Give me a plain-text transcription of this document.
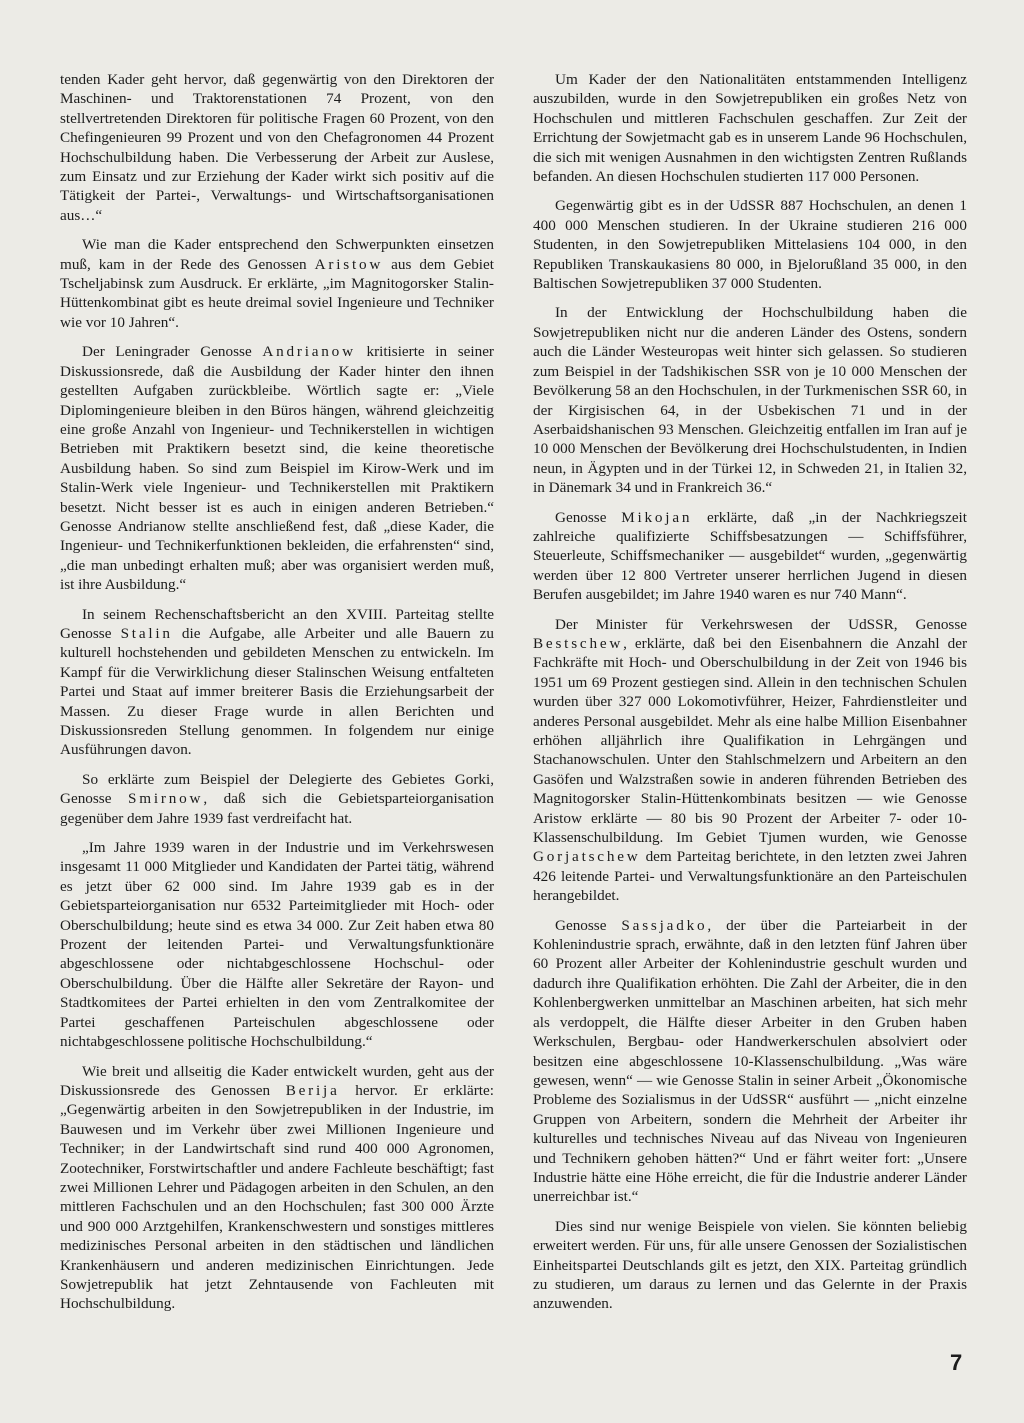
tenden Kader geht hervor, daß gegenwärtig von den Direktoren der Maschinen- und Traktorenstationen 74 Prozent, von den stellvertretenden Direktoren für politische Fragen 60 Prozent, von den Chefingenieuren 99 Prozent und von den Chefagronomen 44 Prozent Hochschulbildung haben. Die Verbesserung der Arbeit zur Auslese, zum Einsatz und zur Erziehung der Kader wirkt sich positiv auf die Tätigkeit der Partei-, Verwaltungs- und Wirtschaftsorganisationen aus…“

Wie man die Kader entsprechend den Schwerpunkten einsetzen muß, kam in der Rede des Genossen Aristow aus dem Gebiet Tscheljabinsk zum Ausdruck. Er erklärte, „im Magnitogorsker Stalin-Hüttenkombinat gibt es heute dreimal soviel Ingenieure und Techniker wie vor 10 Jahren“.

Der Leningrader Genosse Andrianow kritisierte in seiner Diskussionsrede, daß die Ausbildung der Kader hinter den ihnen gestellten Aufgaben zurückbleibe. Wörtlich sagte er: „Viele Diplomingenieure bleiben in den Büros hängen, während gleichzeitig eine große Anzahl von Ingenieur- und Technikerstellen in wichtigen Betrieben mit Praktikern besetzt sind, die keine theoretische Ausbildung haben. So sind zum Beispiel im Kirow-Werk und im Stalin-Werk viele Ingenieur- und Technikerstellen mit Praktikern besetzt. Nicht besser ist es auch in einigen anderen Betrieben.“ Genosse Andrianow stellte anschließend fest, daß „diese Kader, die Ingenieur- und Technikerfunktionen bekleiden, die erfahrensten“ sind, „die man unbedingt erhalten muß; aber was organisiert werden muß, ist ihre Ausbildung.“

In seinem Rechenschaftsbericht an den XVIII. Parteitag stellte Genosse Stalin die Aufgabe, alle Arbeiter und alle Bauern zu kulturell hochstehenden und gebildeten Menschen zu entwickeln. Im Kampf für die Verwirklichung dieser Stalinschen Weisung entfalteten Partei und Staat auf immer breiterer Basis die Erziehungsarbeit der Massen. Zu dieser Frage wurde in allen Berichten und Diskussionsreden Stellung genommen. In folgendem nur einige Ausführungen davon.

So erklärte zum Beispiel der Delegierte des Gebietes Gorki, Genosse Smirnow, daß sich die Gebietsparteiorganisation gegenüber dem Jahre 1939 fast verdreifacht hat.

„Im Jahre 1939 waren in der Industrie und im Verkehrswesen insgesamt 11 000 Mitglieder und Kandidaten der Partei tätig, während es jetzt über 62 000 sind. Im Jahre 1939 gab es in der Gebietsparteiorganisation nur 6532 Parteimitglieder mit Hoch- oder Oberschulbildung; heute sind es etwa 34 000. Zur Zeit haben etwa 80 Prozent der leitenden Partei- und Verwaltungsfunktionäre abgeschlossene oder nichtabgeschlossene Hochschul- oder Oberschulbildung. Über die Hälfte aller Sekretäre der Rayon- und Stadtkomitees der Partei erhielten in den vom Zentralkomitee der Partei geschaffenen Parteischulen abgeschlossene oder nichtabgeschlossene politische Hochschulbildung.“

Wie breit und allseitig die Kader entwickelt wurden, geht aus der Diskussionsrede des Genossen Berija hervor. Er erklärte: „Gegenwärtig arbeiten in den Sowjetrepubliken in der Industrie, im Bauwesen und im Verkehr über zwei Millionen Ingenieure und Techniker; in der Landwirtschaft sind rund 400 000 Agronomen, Zootechniker, Forstwirtschaftler und andere Fachleute beschäftigt; fast zwei Millionen Lehrer und Pädagogen arbeiten in den Schulen, an den mittleren Fachschulen und an den Hochschulen; fast 300 000 Ärzte und 900 000 Arztgehilfen, Krankenschwestern und sonstiges mittleres medizinisches Personal arbeiten in den städtischen und ländlichen Krankenhäusern und anderen medizinischen Einrichtungen. Jede Sowjetrepublik hat jetzt Zehntausende von Fachleuten mit Hochschulbildung.

Um Kader der den Nationalitäten entstammenden Intelligenz auszubilden, wurde in den Sowjetrepubliken ein großes Netz von Hochschulen und mittleren Fachschulen geschaffen. Zur Zeit der Errichtung der Sowjetmacht gab es in unserem Lande 96 Hochschulen, die sich mit wenigen Ausnahmen in den wichtigsten Zentren Rußlands befanden. An diesen Hochschulen studierten 117 000 Personen.

Gegenwärtig gibt es in der UdSSR 887 Hochschulen, an denen 1 400 000 Menschen studieren. In der Ukraine studieren 216 000 Studenten, in den Sowjetrepubliken Mittelasiens 104 000, in den Republiken Transkaukasiens 80 000, in Bjelorußland 35 000, in den Baltischen Sowjetrepubliken 37 000 Studenten.

In der Entwicklung der Hochschulbildung haben die Sowjetrepubliken nicht nur die anderen Länder des Ostens, sondern auch die Länder Westeuropas weit hinter sich gelassen. So studieren zum Beispiel in der Tadshikischen SSR von je 10 000 Menschen der Bevölkerung 58 an den Hochschulen, in der Turkmenischen SSR 60, in der Kirgisischen 64, in der Usbekischen 71 und in der Aserbaidshanischen 93 Menschen. Gleichzeitig entfallen im Iran auf je 10 000 Menschen der Bevölkerung drei Hochschulstudenten, in Indien neun, in Ägypten und in der Türkei 12, in Schweden 21, in Italien 32, in Dänemark 34 und in Frankreich 36.“

Genosse Mikojan erklärte, daß „in der Nachkriegszeit zahlreiche qualifizierte Schiffsbesatzungen — Schiffsführer, Steuerleute, Schiffsmechaniker — ausgebildet“ wurden, „gegenwärtig werden über 12 800 Vertreter unserer herrlichen Jugend in diesen Berufen ausgebildet; im Jahre 1940 waren es nur 740 Mann“.

Der Minister für Verkehrswesen der UdSSR, Genosse Bestschew, erklärte, daß bei den Eisenbahnern die Anzahl der Fachkräfte mit Hoch- und Oberschulbildung in der Zeit von 1946 bis 1951 um 69 Prozent gestiegen sind. Allein in den technischen Schulen wurden über 327 000 Lokomotivführer, Heizer, Fahrdienstleiter und anderes Personal ausgebildet. Mehr als eine halbe Million Eisenbahner erhöhen alljährlich ihre Qualifikation in Lehrgängen und Stachanowschulen. Unter den Stahlschmelzern und Arbeitern an den Gasöfen und Walzstraßen sowie in anderen führenden Betrieben des Magnitogorsker Stalin-Hüttenkombinats besitzen — wie Genosse Aristow erklärte — 80 bis 90 Prozent der Arbeiter 7- oder 10-Klassenschulbildung. Im Gebiet Tjumen wurden, wie Genosse Gorjatschew dem Parteitag berichtete, in den letzten zwei Jahren 426 leitende Partei- und Verwaltungsfunktionäre an den Parteischulen herangebildet.

Genosse Sassjadko, der über die Parteiarbeit in der Kohlenindustrie sprach, erwähnte, daß in den letzten fünf Jahren über 60 Prozent aller Arbeiter der Kohlenindustrie geschult wurden und dadurch ihre Qualifikation erhöhten. Die Zahl der Arbeiter, die in den Kohlenbergwerken unmittelbar an Maschinen arbeiten, hat sich mehr als verdoppelt, die Hälfte dieser Arbeiter in den Gruben haben Werkschulen, Bergbau- oder Handwerkerschulen absolviert oder besitzen eine abgeschlossene 10-Klassenschulbildung. „Was wäre gewesen, wenn“ — wie Genosse Stalin in seiner Arbeit „Ökonomische Probleme des Sozialismus in der UdSSR“ ausführt — „nicht einzelne Gruppen von Arbeitern, sondern die Mehrheit der Arbeiter ihr kulturelles und technisches Niveau auf das Niveau von Ingenieuren und Technikern gehoben hätten?“ Und er fährt weiter fort: „Unsere Industrie hätte eine Höhe erreicht, die für die Industrie anderer Länder unerreichbar ist.“

Dies sind nur wenige Beispiele von vielen. Sie könnten beliebig erweitert werden. Für uns, für alle unsere Genossen der Sozialistischen Einheitspartei Deutschlands gilt es jetzt, den XIX. Parteitag gründlich zu studieren, um daraus zu lernen und das Gelernte in der Praxis anzuwenden.

7
